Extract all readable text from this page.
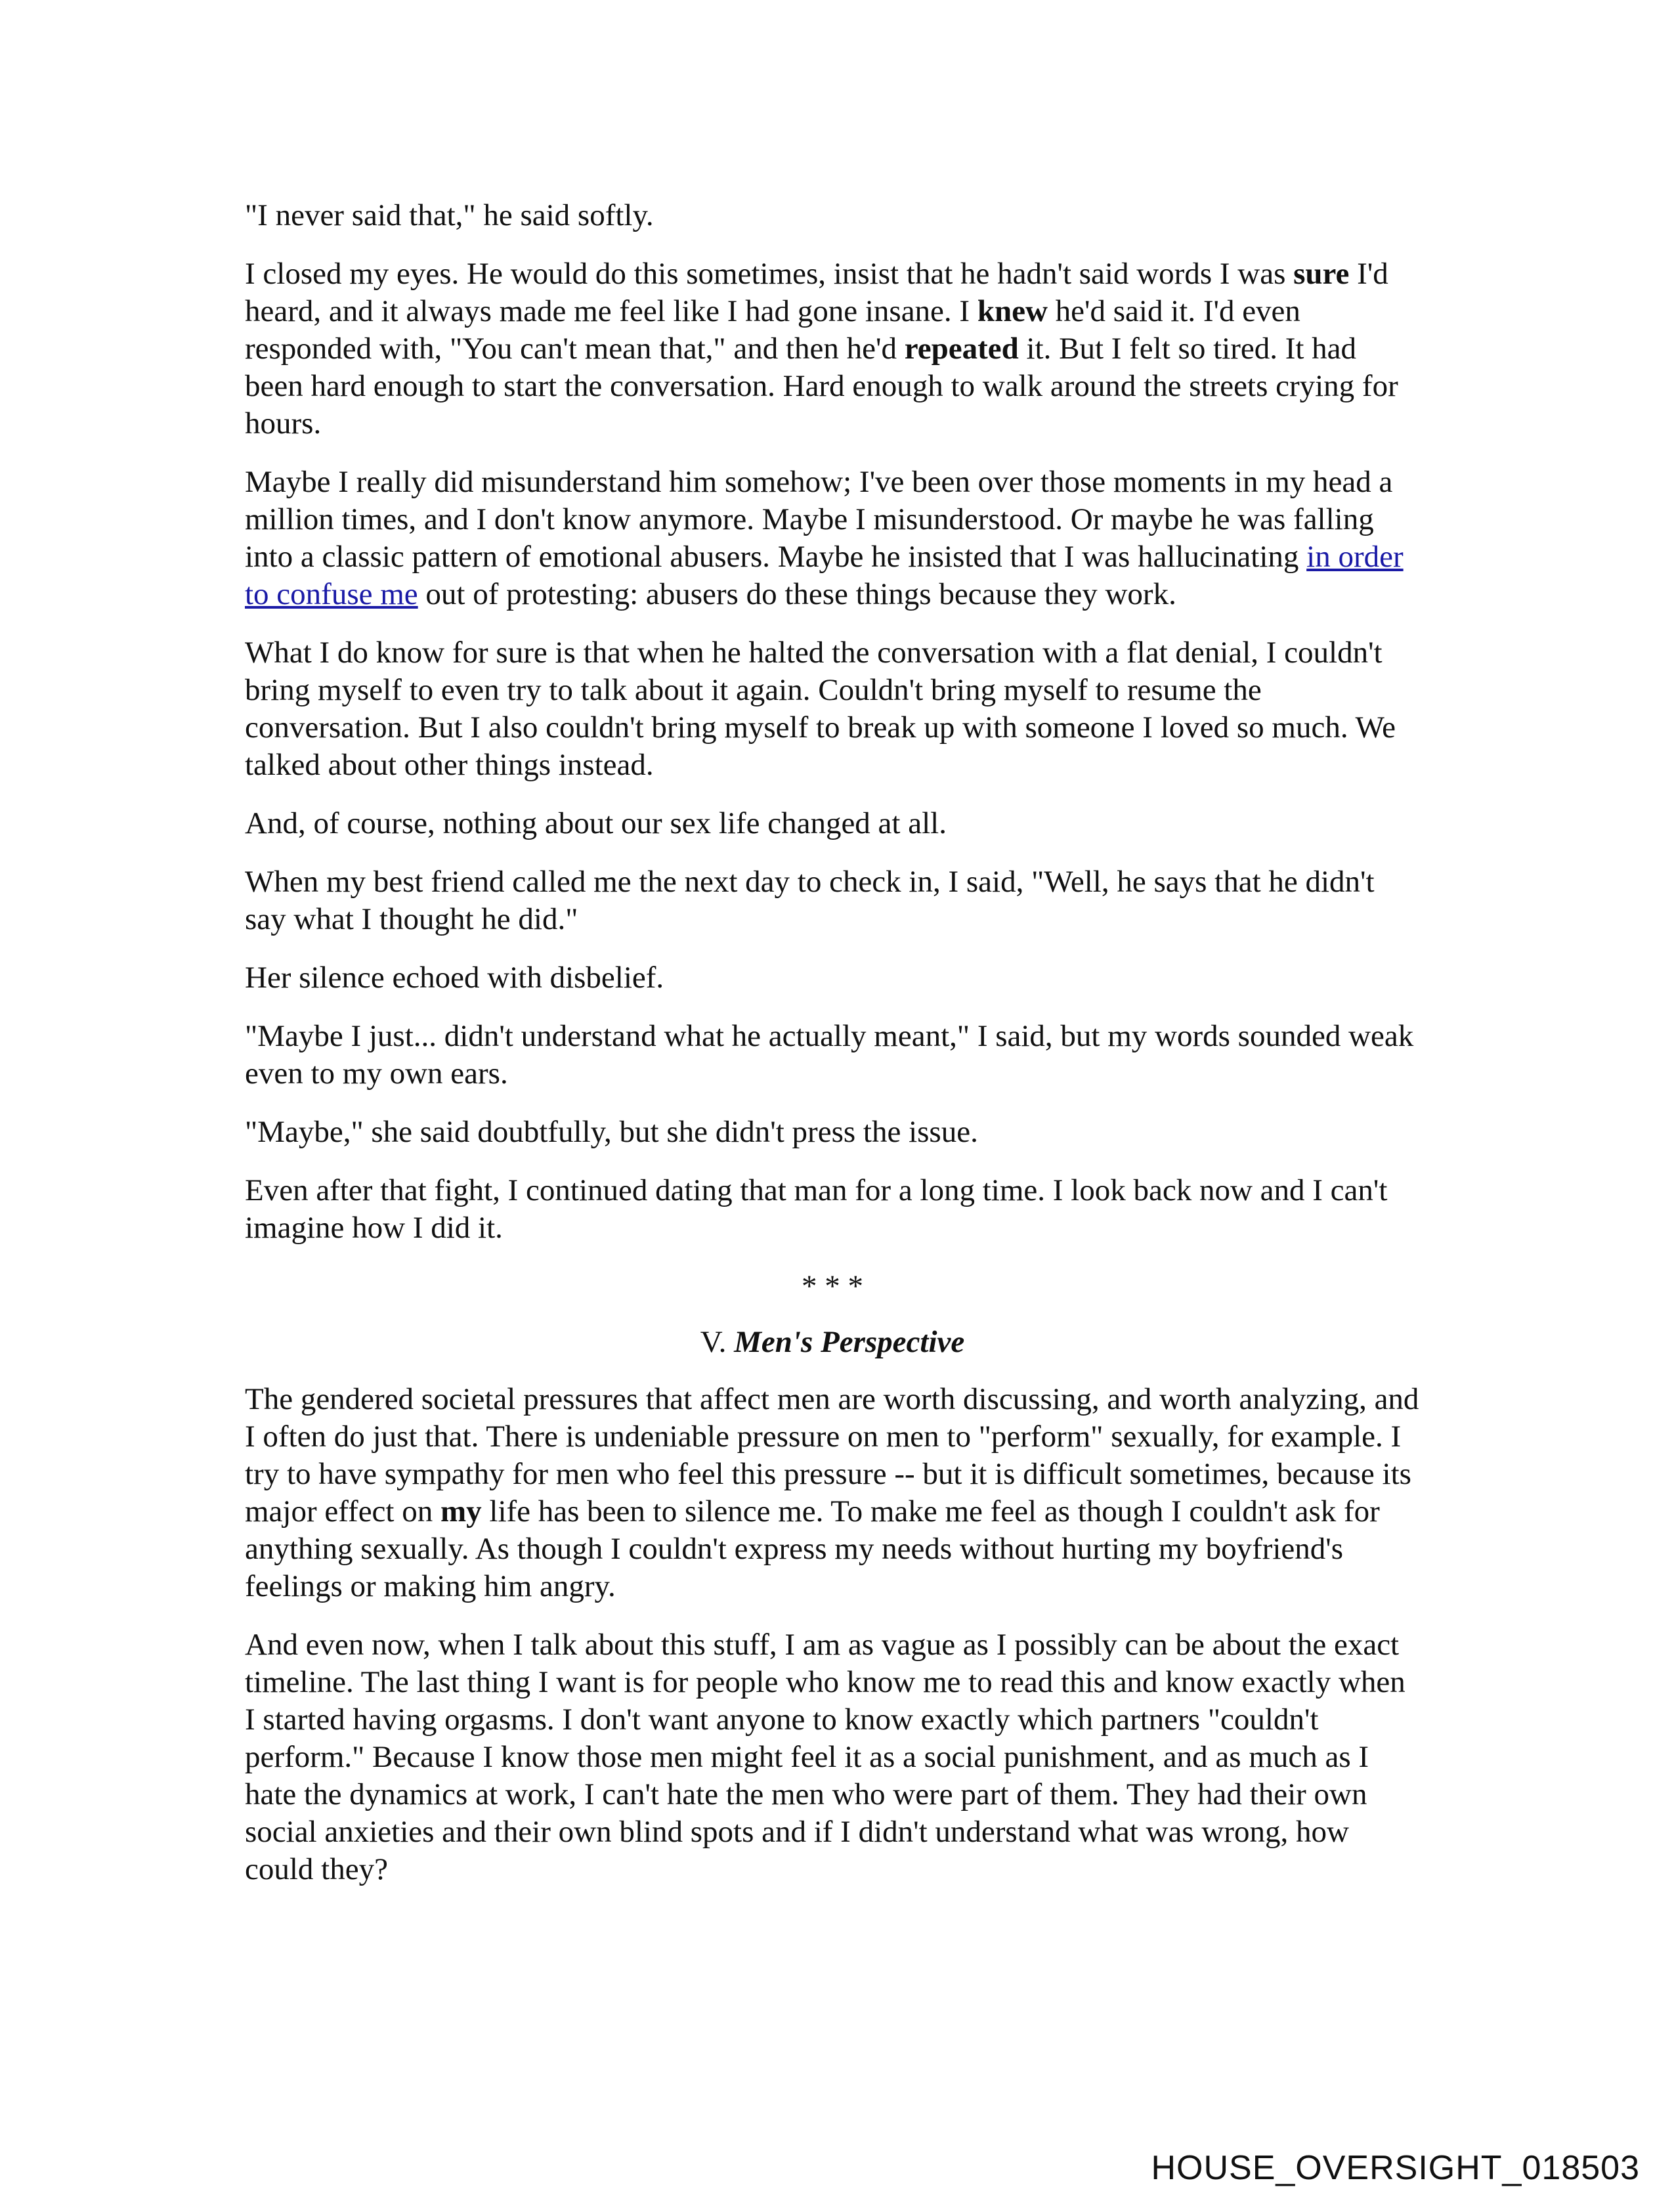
"I never said that," he said softly.

I closed my eyes. He would do this sometimes, insist that he hadn't said words I was sure I'd heard, and it always made me feel like I had gone insane. I knew he'd said it. I'd even responded with, "You can't mean that," and then he'd repeated it. But I felt so tired. It had been hard enough to start the conversation. Hard enough to walk around the streets crying for hours.

Maybe I really did misunderstand him somehow; I've been over those moments in my head a million times, and I don't know anymore. Maybe I misunderstood. Or maybe he was falling into a classic pattern of emotional abusers. Maybe he insisted that I was hallucinating in order to confuse me out of protesting: abusers do these things because they work.

What I do know for sure is that when he halted the conversation with a flat denial, I couldn't bring myself to even try to talk about it again. Couldn't bring myself to resume the conversation. But I also couldn't bring myself to break up with someone I loved so much. We talked about other things instead.

And, of course, nothing about our sex life changed at all.

When my best friend called me the next day to check in, I said, "Well, he says that he didn't say what I thought he did."

Her silence echoed with disbelief.

"Maybe I just... didn't understand what he actually meant," I said, but my words sounded weak even to my own ears.

"Maybe," she said doubtfully, but she didn't press the issue.

Even after that fight, I continued dating that man for a long time. I look back now and I can't imagine how I did it.

* * *

V. Men's Perspective

The gendered societal pressures that affect men are worth discussing, and worth analyzing, and I often do just that. There is undeniable pressure on men to "perform" sexually, for example. I try to have sympathy for men who feel this pressure -- but it is difficult sometimes, because its major effect on my life has been to silence me. To make me feel as though I couldn't ask for anything sexually. As though I couldn't express my needs without hurting my boyfriend's feelings or making him angry.

And even now, when I talk about this stuff, I am as vague as I possibly can be about the exact timeline. The last thing I want is for people who know me to read this and know exactly when I started having orgasms. I don't want anyone to know exactly which partners "couldn't perform." Because I know those men might feel it as a social punishment, and as much as I hate the dynamics at work, I can't hate the men who were part of them. They had their own social anxieties and their own blind spots and if I didn't understand what was wrong, how could they?

HOUSE_OVERSIGHT_018503
